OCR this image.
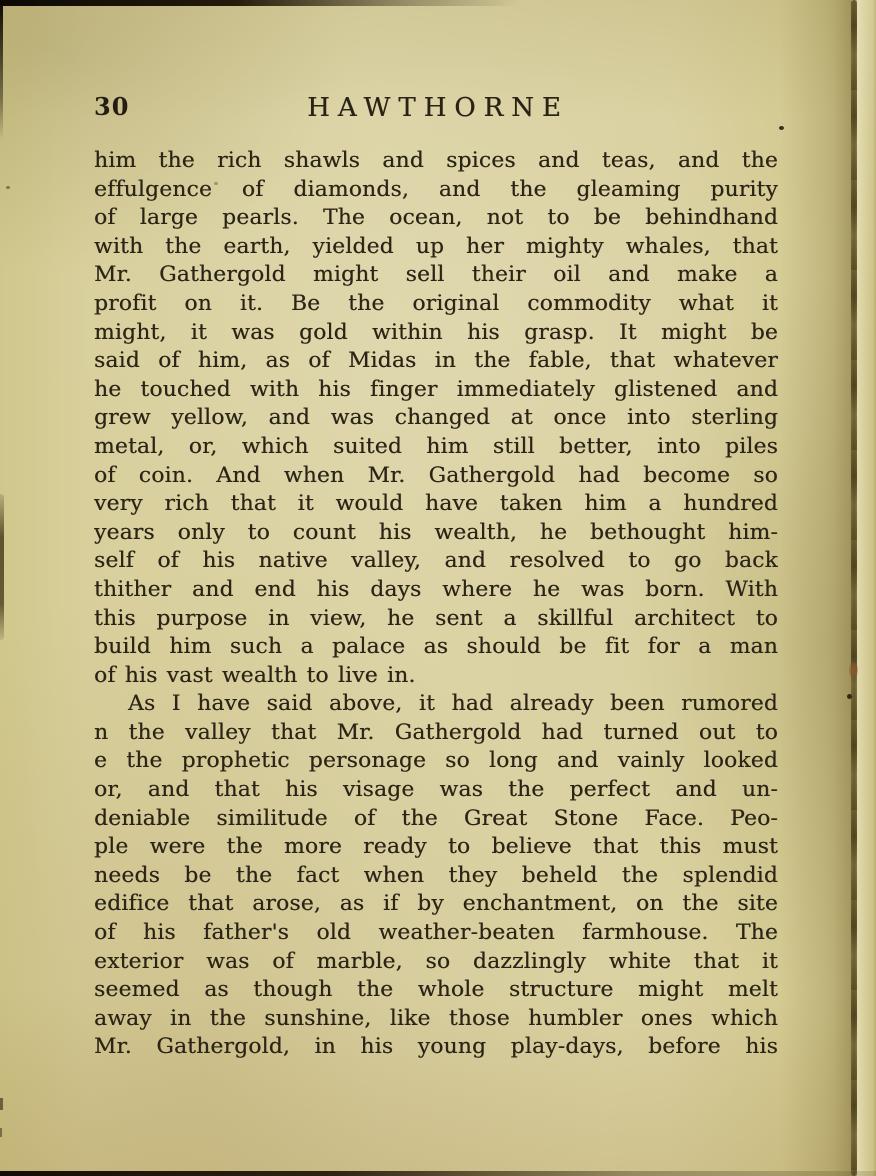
30	HAWTHORNE
him the rich shawls and spices and teas, and the
effulgence of diamonds, and the gleaming purity
of large pearls. The ocean, not to be behindhand
with the earth, yielded up her mighty whales, that
Mr. Gathergold might sell their oil and make a
profit on it. Be the original commodity what it
might, it was gold within his grasp. It might be
said of him, as of Midas in the fable, that whatever
he touched with his finger immediately glistened and
grew yellow, and was changed at once into sterling
metal, or, which suited him still better, into piles
of coin. And when Mr. Gathergold had become so
very rich that it would have taken him a hundred
years only to count his wealth, he bethought him-
self of his native valley, and resolved to go back
thither and end his days where he was born. With
this purpose in view, he sent a skillful architect to
build him such a palace as should be fit for a man
of his vast wealth to live in.
As I have said above, it had already been rumored
n the valley that Mr. Gathergold had turned out to
e the prophetic personage so long and vainly looked
or, and that his visage was the perfect and un-
deniable similitude of the Great Stone Face. Peo-
ple were the more ready to believe that this must
needs be the fact when they beheld the splendid
edifice that arose, as if by enchantment, on the site
of his father's old weather-beaten farmhouse. The
exterior was of marble, so dazzlingly white that it
seemed as though the whole structure might melt
away in the sunshine, like those humbler ones which
Mr. Gathergold, in his young play-days, before his
